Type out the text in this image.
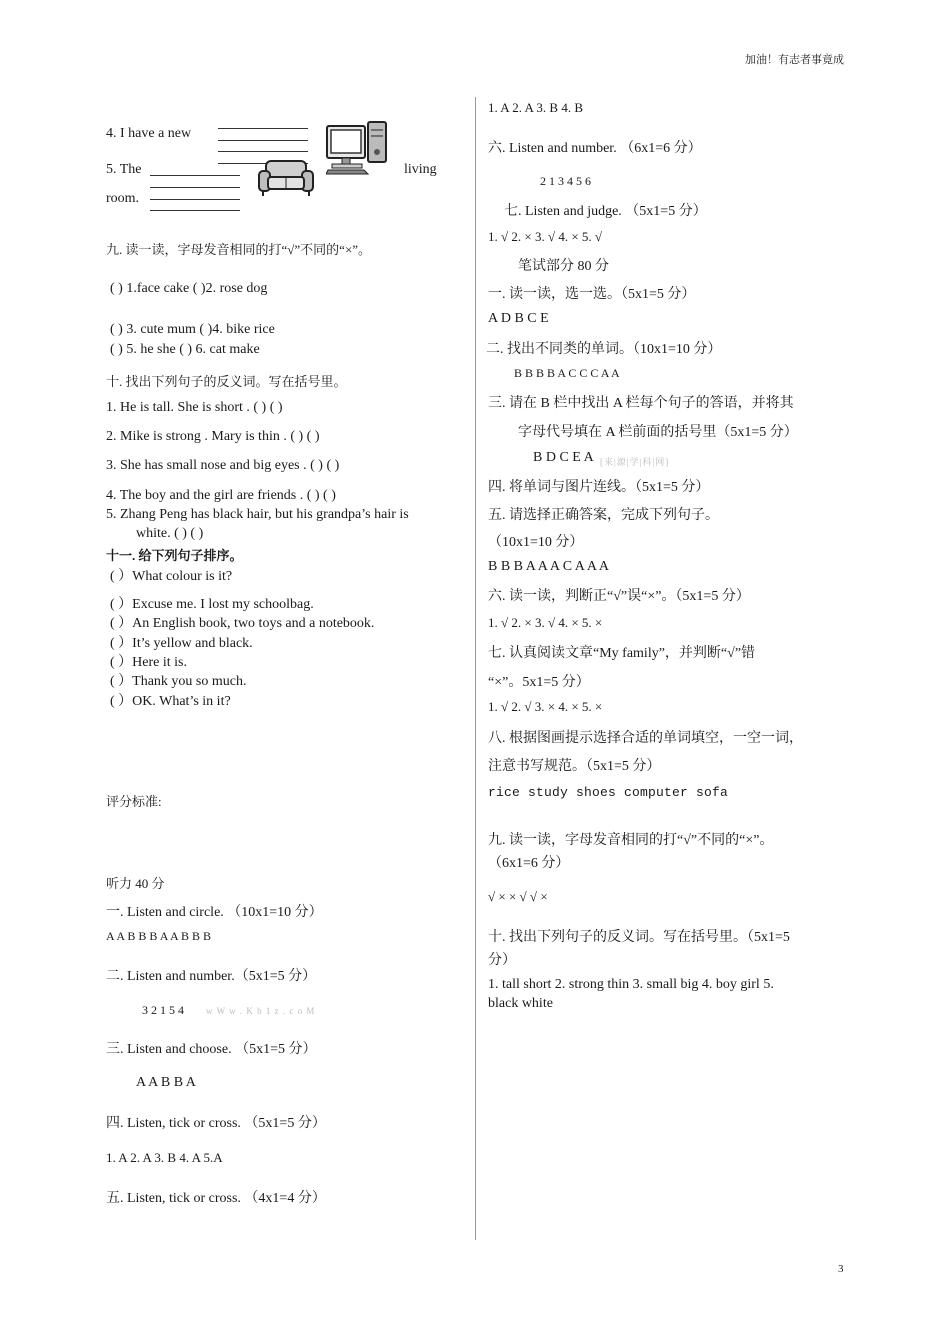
加油！有志者事竟成
4. I have a new
5. The	living
room.
九. 读一读，字母发音相同的打“√”不同的“×”。
( ) 1.face cake ( )2. rose dog
( ) 3. cute mum ( )4. bike rice
( ) 5. he she ( ) 6. cat make
十. 找出下列句子的反义词。写在括号里。
1. He is tall. She is short . ( ) ( )
2. Mike is strong . Mary is thin . ( ) ( )
3. She has small nose and big eyes . ( ) ( )
4. The boy and the girl are friends . ( ) ( )
5. Zhang Peng has black hair, but his grandpa’s hair is
white. ( ) ( )
十一. 给下列句子排序。
( ）What colour is it?
( ）Excuse me. I lost my schoolbag.
( ）An English book, two toys and a notebook.
( ）It’s yellow and black.
( ）Here it is.
( ）Thank you so much.
( ）OK. What’s in it?
评分标准:
听力 40 分
一. Listen and circle. （10x1=10 分）
A A B B B A A B B B
二. Listen and number.（5x1=5 分）
3 2 1 5 4 w W w . K b 1 z . c o M
三. Listen and choose. （5x1=5 分）
A A B B A
四. Listen, tick or cross. （5x1=5 分）
1. A 2. A 3. B 4. A 5.A
五. Listen, tick or cross. （4x1=4 分）
1. A 2. A 3. B 4. B
六. Listen and number. （6x1=6 分）
2 1 3 4 5 6
七. Listen and judge. （5x1=5 分）
1. √ 2. × 3. √ 4. × 5. √
笔试部分 80 分
一. 读一读，选一选。（5x1=5 分）
A D B C E
二. 找出不同类的单词。（10x1=10 分）
B B B B A C C C A A
三. 请在 B 栏中找出 A 栏每个句子的答语，并将其
字母代号填在 A 栏前面的括号里（5x1=5 分）
B D C E A [来|源|学|科|网]
四. 将单词与图片连线。（5x1=5 分）
五. 请选择正确答案，完成下列句子。
（10x1=10 分）
B B B A A A C A A A
六. 读一读，判断正“√”误“×”。（5x1=5 分）
1. √ 2. × 3. √ 4. × 5. ×
七. 认真阅读文章“My family”，并判断“√”错
“×”。5x1=5 分）
1. √ 2. √ 3. × 4. × 5. ×
八. 根据图画提示选择合适的单词填空，一空一词，
注意书写规范。（5x1=5 分）
rice study shoes computer sofa
九. 读一读，字母发音相同的打“√”不同的“×”。
（6x1=6 分）
√ × × √ √ ×
十. 找出下列句子的反义词。写在括号里。（5x1=5
分）
1. tall short 2. strong thin 3. small big 4. boy girl 5.
black white
3
